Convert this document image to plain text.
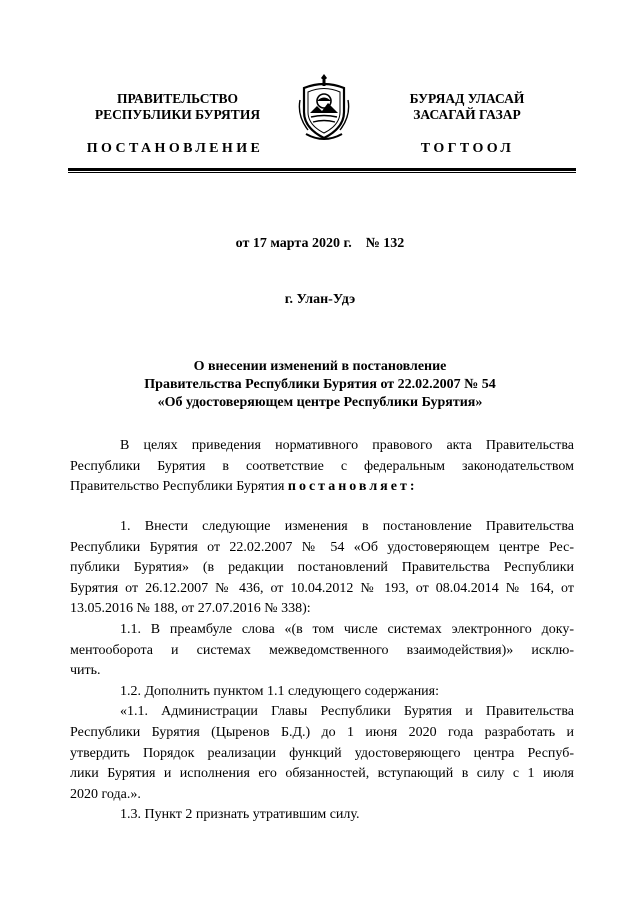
ПРАВИТЕЛЬСТВО
РЕСПУБЛИКИ БУРЯТИЯ
БУРЯАД УЛАСАЙ
ЗАСАГАЙ ГАЗАР
ПОСТАНОВЛЕНИЕ	ТОГТООЛ
от 17 марта 2020 г.    № 132
г. Улан-Удэ
О внесении изменений в постановление
Правительства Республики Бурятия от 22.02.2007 № 54
«Об удостоверяющем центре Республики Бурятия»
В целях приведения нормативного правового акта Правительства
Республики Бурятия в соответствие с федеральным законодательством
Правительство Республики Бурятия постановляет:
1. Внести следующие изменения в постановление Правительства
Республики Бурятия от 22.02.2007 № 54 «Об удостоверяющем центре Рес-
публики Бурятия» (в редакции постановлений Правительства Республики
Бурятия от 26.12.2007 № 436, от 10.04.2012 № 193, от 08.04.2014 № 164, от
13.05.2016 № 188, от 27.07.2016 № 338):
1.1. В преамбуле слова «(в том числе системах электронного доку-
ментооборота и системах межведомственного взаимодействия)» исклю-
чить.
1.2. Дополнить пунктом 1.1 следующего содержания:
«1.1. Администрации Главы Республики Бурятия и Правительства
Республики Бурятия (Цыренов Б.Д.) до 1 июня 2020 года разработать и
утвердить Порядок реализации функций удостоверяющего центра Респуб-
лики Бурятия и исполнения его обязанностей, вступающий в силу с 1 июля
2020 года.».
1.3. Пункт 2 признать утратившим силу.
